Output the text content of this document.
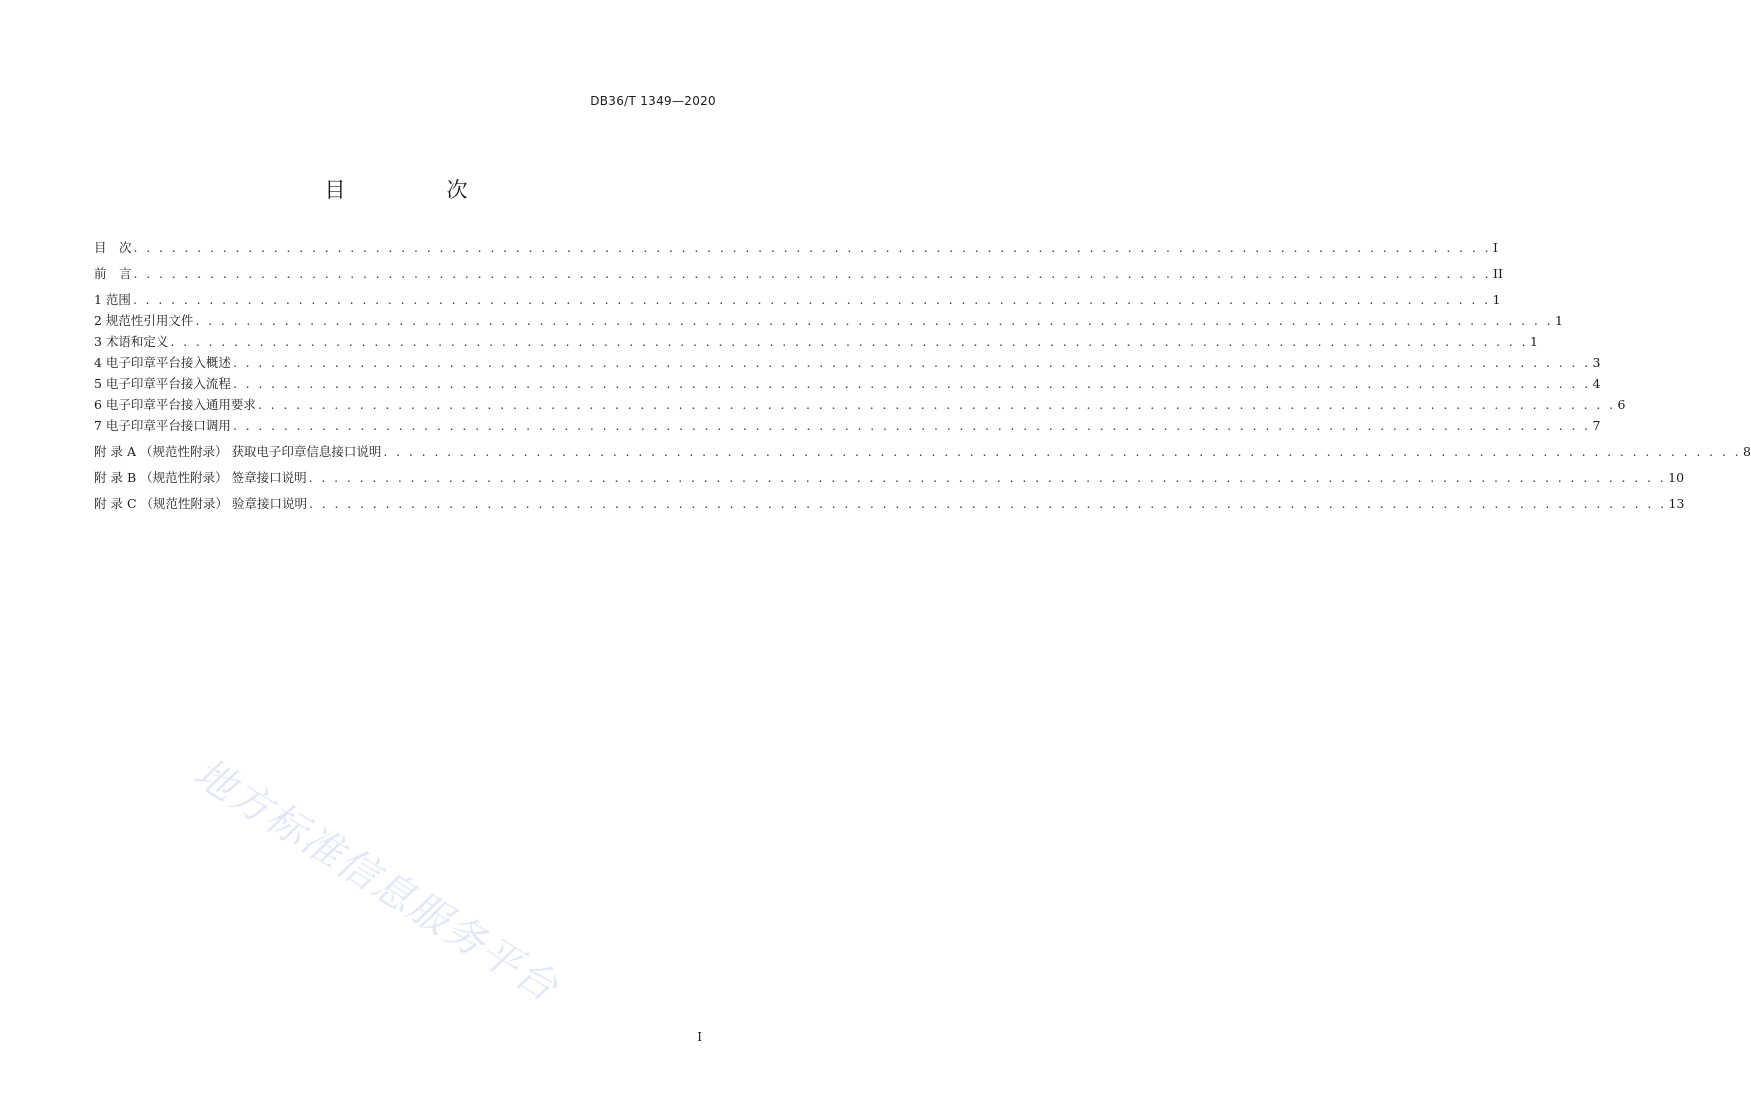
DB36/T 1349—2020
目　次
目　次 . . . . . . . . . . . . . . . . . . . . . . . . . . . . . . . . . . . . . . . . . . . . . . . . . . . . . . . . . . . . . . . . . . . . . . . . . . . . . . . . . . . . . . . . . . . . . . . . . . . . . . . . . . . I
前　言 . . . . . . . . . . . . . . . . . . . . . . . . . . . . . . . . . . . . . . . . . . . . . . . . . . . . . . . . . . . . . . . . . . . . . . . . . . . . . . . . . . . . . . . . . . . . . . . . . . . . . . . . . . . II
1 范围 . . . . . . . . . . . . . . . . . . . . . . . . . . . . . . . . . . . . . . . . . . . . . . . . . . . . . . . . . . . . . . . . . . . . . . . . . . . . . . . . . . . . . . . . . . . . . . . . . . . . . . . . . . . 1
2 规范性引用文件 . . . . . . . . . . . . . . . . . . . . . . . . . . . . . . . . . . . . . . . . . . . . . . . . . . . . . . . . . . . . . . . . . . . . . . . . . . . . . . . . . . . . . . . . . . . . . . . . . . . . . . . . . . . 1
3 术语和定义 . . . . . . . . . . . . . . . . . . . . . . . . . . . . . . . . . . . . . . . . . . . . . . . . . . . . . . . . . . . . . . . . . . . . . . . . . . . . . . . . . . . . . . . . . . . . . . . . . . . . . . . . . . . 1
4 电子印章平台接入概述 . . . . . . . . . . . . . . . . . . . . . . . . . . . . . . . . . . . . . . . . . . . . . . . . . . . . . . . . . . . . . . . . . . . . . . . . . . . . . . . . . . . . . . . . . . . . . . . . . . . . . . . . . . . 3
5 电子印章平台接入流程 . . . . . . . . . . . . . . . . . . . . . . . . . . . . . . . . . . . . . . . . . . . . . . . . . . . . . . . . . . . . . . . . . . . . . . . . . . . . . . . . . . . . . . . . . . . . . . . . . . . . . . . . . . . 4
6 电子印章平台接入通用要求 . . . . . . . . . . . . . . . . . . . . . . . . . . . . . . . . . . . . . . . . . . . . . . . . . . . . . . . . . . . . . . . . . . . . . . . . . . . . . . . . . . . . . . . . . . . . . . . . . . . . . . . . . . . 6
7 电子印章平台接口调用 . . . . . . . . . . . . . . . . . . . . . . . . . . . . . . . . . . . . . . . . . . . . . . . . . . . . . . . . . . . . . . . . . . . . . . . . . . . . . . . . . . . . . . . . . . . . . . . . . . . . . . . . . . . 7
附 录 A （规范性附录） 获取电子印章信息接口说明 . . . . . . . . . . . . . . . . . . . . . . . . . . . . . . . . . . . . . . . . . . . . . . . . . . . . . . . . . . . . . . . . . . . . . . . . . . . . . . . . . . . . . . . . . . . . . . . . . . . . . . . . . . . 8
附 录 B （规范性附录） 签章接口说明 . . . . . . . . . . . . . . . . . . . . . . . . . . . . . . . . . . . . . . . . . . . . . . . . . . . . . . . . . . . . . . . . . . . . . . . . . . . . . . . . . . . . . . . . . . . . . . . . . . . . . . . . . . . 10
附 录 C （规范性附录） 验章接口说明 . . . . . . . . . . . . . . . . . . . . . . . . . . . . . . . . . . . . . . . . . . . . . . . . . . . . . . . . . . . . . . . . . . . . . . . . . . . . . . . . . . . . . . . . . . . . . . . . . . . . . . . . . . . 13
地方标准信息服务平台
I
